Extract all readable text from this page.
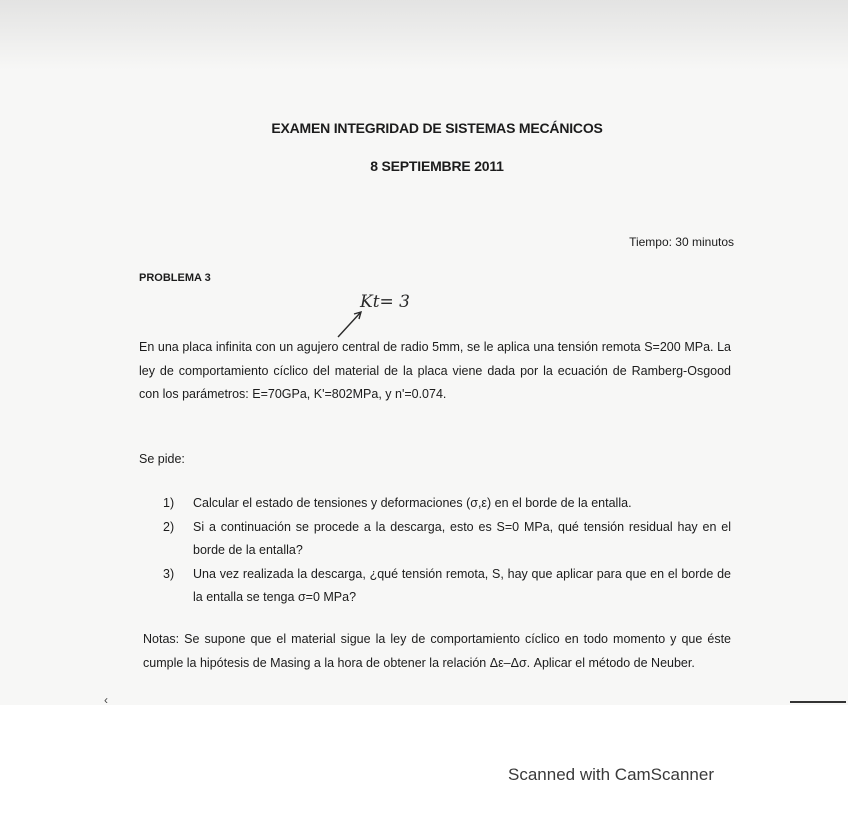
EXAMEN INTEGRIDAD DE SISTEMAS MECÁNICOS
8 SEPTIEMBRE 2011
Tiempo: 30 minutos
PROBLEMA 3
Kt= 3
En una placa infinita con un agujero central de radio 5mm, se le aplica una tensión remota S=200 MPa. La ley de comportamiento cíclico del material de la placa viene dada por la ecuación de Ramberg-Osgood con los parámetros: E=70GPa, K'=802MPa, y n'=0.074.
Se pide:
1)	Calcular el estado de tensiones y deformaciones (σ,ε) en el borde de la entalla.
2)	Si a continuación se procede a la descarga, esto es S=0 MPa, qué tensión residual hay en el borde de la entalla?
3)	Una vez realizada la descarga, ¿qué tensión remota, S, hay que aplicar para que en el borde de la entalla se tenga σ=0 MPa?
Notas: Se supone que el material sigue la ley de comportamiento cíclico en todo momento y que éste cumple la hipótesis de Masing a la hora de obtener la relación Δε–Δσ. Aplicar el método de Neuber.
‹
Scanned with CamScanner
